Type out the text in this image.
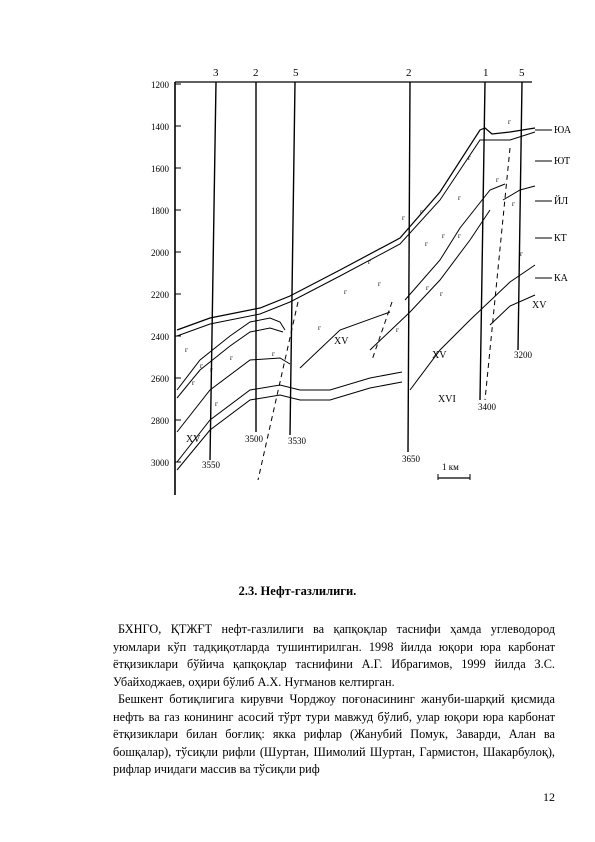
1200
1400
1600
1800
2000
2200
2400
2600
2800
3000
3	2	5	2	1	5
3550
3500	3530
3650
3400
3200
ЮА
ЮТ
ЙЛ
КТ
КА
XV
XV
XV
XVI
XV
1 км
г
г
г
г
г
г	г
г
г
г
г
г
г
г
г
г
г
г
г
г
г
г
г
г
г
2.3. Нефт-газлилиги.

БХНГО, ҚТЖҒТ нефт-газлилиги ва қапқоқлар таснифи ҳамда углеводород уюмлари кўп тадқиқотларда тушинтирилган. 1998 йилда юқори юра карбонат ётқизиклари бўйича қапқоқлар таснифини А.Г. Ибрагимов, 1999 йилда З.С. Убайходжаев, оҳири бўлиб А.Х. Нугманов келтирган.

Бешкент ботиқлигига кирувчи Чорджоу поғонасининг жануби-шарқий қисмида нефть ва газ конининг асосий тўрт тури мавжуд бўлиб, улар юқори юра карбонат ётқизиклари билан боғлиқ: якка рифлар (Жанубий Помук, Заварди, Алан ва бошқалар), тўсиқли рифли (Шуртан, Шимолий Шуртан, Гармистон, Шакарбулоқ), рифлар ичидаги массив ва тўсиқли риф

12
